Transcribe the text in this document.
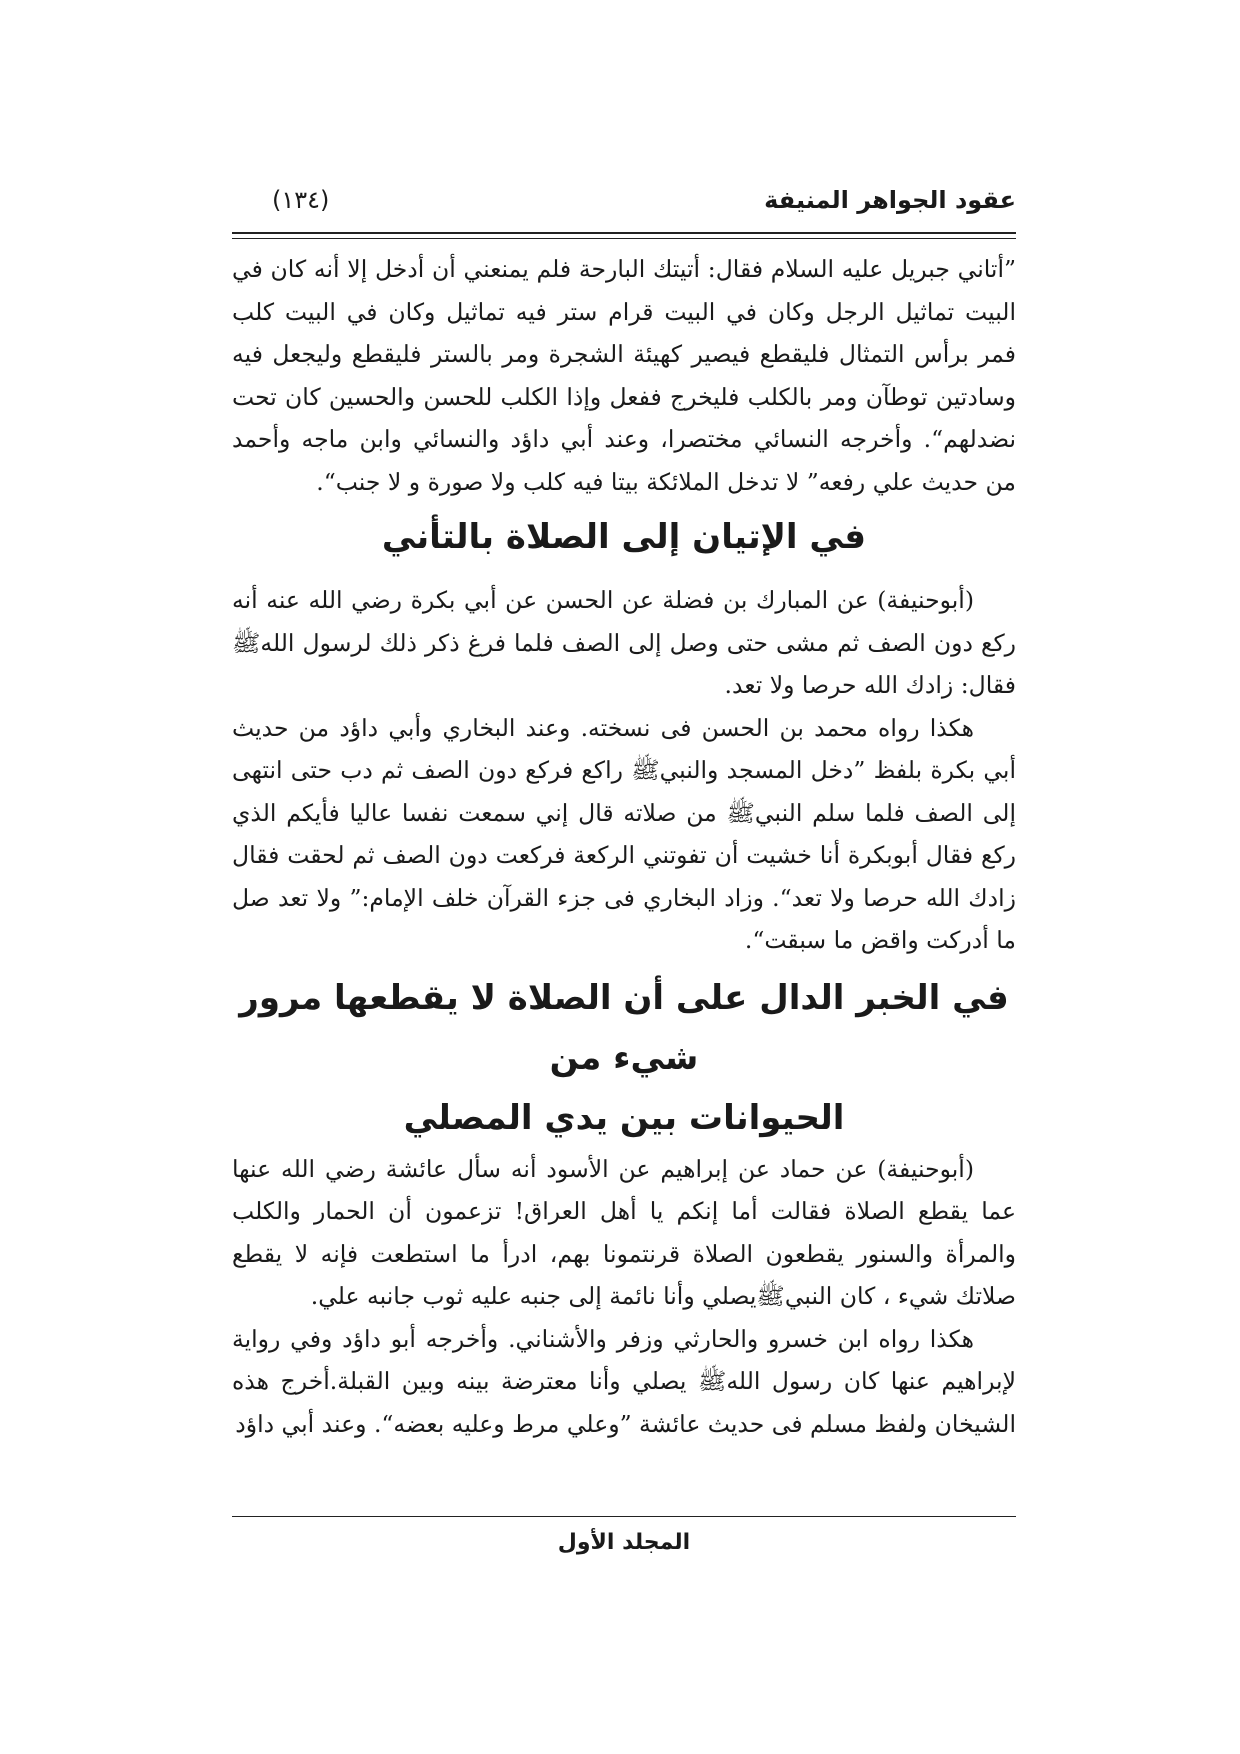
عقود الجواهر المنيفة
(١٣٤)

”أتاني جبريل عليه السلام فقال: أتيتك البارحة فلم يمنعني أن أدخل إلا أنه كان في البيت تماثيل الرجل وكان في البيت قرام ستر فيه تماثيل وكان في البيت كلب فمر برأس التمثال فليقطع فيصير كهيئة الشجرة ومر بالستر فليقطع وليجعل فيه وسادتين توطآن ومر بالكلب فليخرج ففعل وإذا الكلب للحسن والحسين كان تحت نضدلهم“. وأخرجه النسائي مختصرا، وعند أبي داؤد والنسائي وابن ماجه وأحمد من حديث علي رفعه” لا تدخل الملائكة بيتا فيه كلب ولا صورة و لا جنب“.

في الإتيان إلى الصلاة بالتأني

(أبوحنيفة) عن المبارك بن فضلة عن الحسن عن أبي بكرة رضي الله عنه أنه ركع دون الصف ثم مشى حتى وصل إلى الصف فلما فرغ ذكر ذلك لرسول اللهﷺ فقال: زادك الله حرصا ولا تعد.

هكذا رواه محمد بن الحسن فى نسخته. وعند البخاري وأبي داؤد من حديث أبي بكرة بلفظ ”دخل المسجد والنبيﷺ راكع فركع دون الصف ثم دب حتى انتهى إلى الصف فلما سلم النبيﷺ من صلاته قال إني سمعت نفسا عاليا فأيكم الذي ركع فقال أبوبكرة أنا خشيت أن تفوتني الركعة فركعت دون الصف ثم لحقت فقال زادك الله حرصا ولا تعد“. وزاد البخاري فى جزء القرآن خلف الإمام:” ولا تعد صل ما أدركت واقض ما سبقت“.

في الخبر الدال على أن الصلاة لا يقطعها مرور شيء من
الحيوانات بين يدي المصلي

(أبوحنيفة) عن حماد عن إبراهيم عن الأسود أنه سأل عائشة رضي الله عنها عما يقطع الصلاة فقالت أما إنكم يا أهل العراق! تزعمون أن الحمار والكلب والمرأة والسنور يقطعون الصلاة قرنتمونا بهم، ادرأ ما استطعت فإنه لا يقطع صلاتك شيء ، كان النبيﷺيصلي وأنا نائمة إلى جنبه عليه ثوب جانبه علي.

هكذا رواه ابن خسرو والحارثي وزفر والأشناني. وأخرجه أبو داؤد وفي رواية لإبراهيم عنها كان رسول اللهﷺ يصلي وأنا معترضة بينه وبين القبلة.أخرج هذه الشيخان ولفظ مسلم فى حديث عائشة ”وعلي مرط وعليه بعضه“. وعند أبي داؤد

المجلد الأول
